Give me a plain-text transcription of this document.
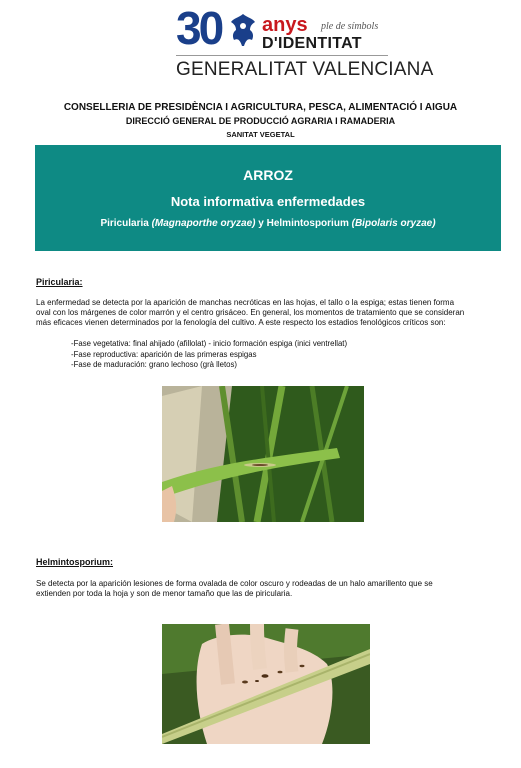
30 anys ple de símbols
D'IDENTITAT
GENERALITAT VALENCIANA
CONSELLERIA DE PRESIDÈNCIA I AGRICULTURA, PESCA, ALIMENTACIÓ I AIGUA
DIRECCIÓ GENERAL DE PRODUCCIÓ AGRARIA I RAMADERIA
SANITAT VEGETAL
ARROZ
Nota informativa enfermedades
Piricularia (Magnaporthe oryzae) y Helmintosporium (Bipolaris oryzae)
Piricularia:
La enfermedad se detecta por la aparición de manchas necróticas en las hojas, el tallo o la espiga; estas tienen forma
oval con los márgenes de color marrón y el centro grisáceo. En general, los momentos de tratamiento que se consideran
más eficaces vienen determinados por la fenología del cultivo. A este respecto los estadios fenológicos críticos son:
-Fase vegetativa: final ahijado (afillolat) - inicio formación espiga (inici ventrellat)
-Fase reproductiva: aparición de las primeras espigas
-Fase de maduración: grano lechoso (grà lletos)
Helmintosporium:
Se detecta por la aparición lesiones de forma ovalada de color oscuro y rodeadas de un halo amarillento que se
extienden por toda la hoja y son de menor tamaño que las de piricularia.
